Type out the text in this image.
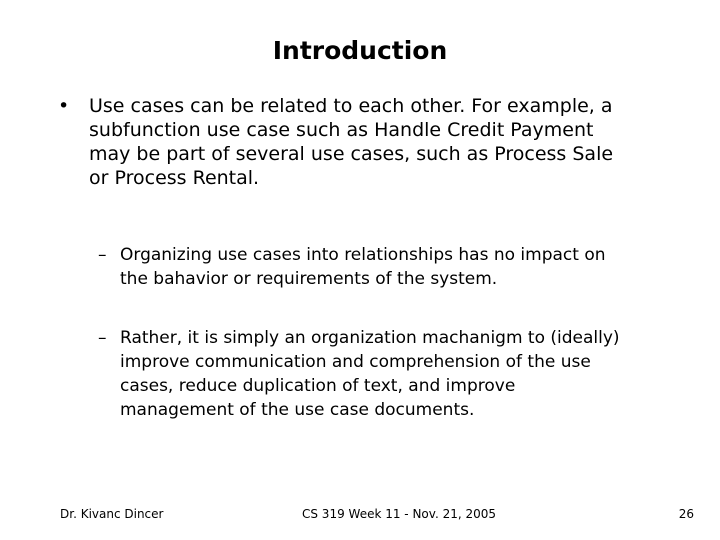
Introduction
•	Use cases can be related to each other. For example, a
subfunction use case such as Handle Credit Payment
may be part of several use cases, such as Process Sale
or Process Rental.
– Organizing use cases into relationships has no impact on
the bahavior or requirements of the system.
– Rather, it is simply an organization machanigm to (ideally)
improve communication and comprehension of the use
cases, reduce duplication of text, and improve
management of the use case documents.
Dr. Kivanc Dincer	CS 319 Week 11 - Nov. 21, 2005	26
